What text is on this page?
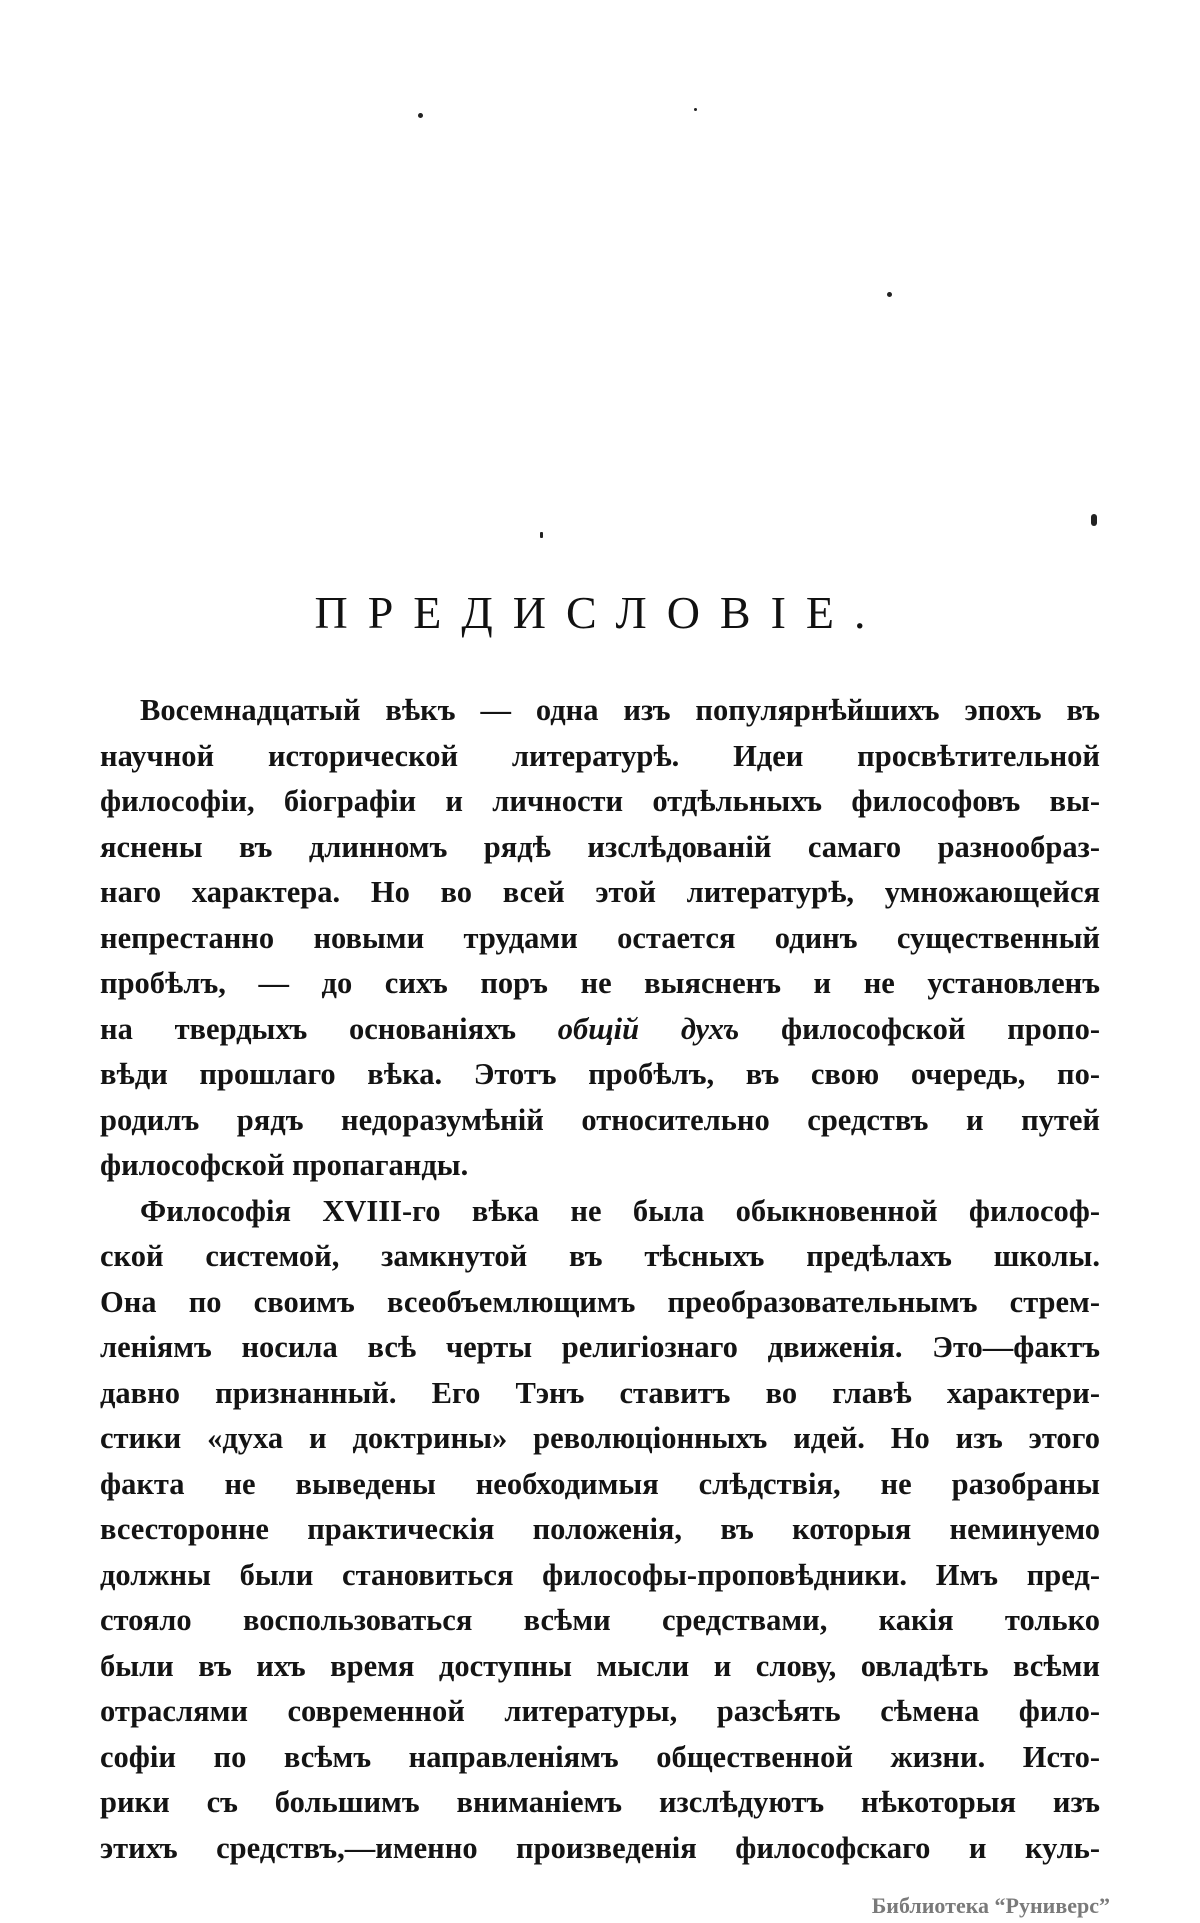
ПРЕДИСЛОВІЕ.
Восемнадцатый вѣкъ — одна изъ популярнѣйшихъ эпохъ въ
научной исторической литературѣ. Идеи просвѣтительной
философіи, біографіи и личности отдѣльныхъ философовъ вы-
яснены въ длинномъ рядѣ изслѣдованій самаго разнообраз-
наго характера. Но во всей этой литературѣ, умножающейся
непрестанно новыми трудами остается одинъ существенный
пробѣлъ, — до сихъ поръ не выясненъ и не установленъ
на твердыхъ основаніяхъ общій духъ философской пропо-
вѣди прошлаго вѣка. Этотъ пробѣлъ, въ свою очередь, по-
родилъ рядъ недоразумѣній относительно средствъ и путей
философской пропаганды.
Философія XVIII-го вѣка не была обыкновенной философ-
ской системой, замкнутой въ тѣсныхъ предѣлахъ школы.
Она по своимъ всеобъемлющимъ преобразовательнымъ стрем-
леніямъ носила всѣ черты религіознаго движенія. Это—фактъ
давно признанный. Его Тэнъ ставитъ во главѣ характери-
стики «духа и доктрины» революціонныхъ идей. Но изъ этого
факта не выведены необходимыя слѣдствія, не разобраны
всесторонне практическія положенія, въ которыя неминуемо
должны были становиться философы-проповѣдники. Имъ пред-
стояло воспользоваться всѣми средствами, какія только
были въ ихъ время доступны мысли и слову, овладѣть всѣми
отраслями современной литературы, разсѣять сѣмена фило-
софіи по всѣмъ направленіямъ общественной жизни. Исто-
рики съ большимъ вниманіемъ изслѣдуютъ нѣкоторыя изъ
этихъ средствъ,—именно произведенія философскаго и куль-
Библиотека “Руниверс”
